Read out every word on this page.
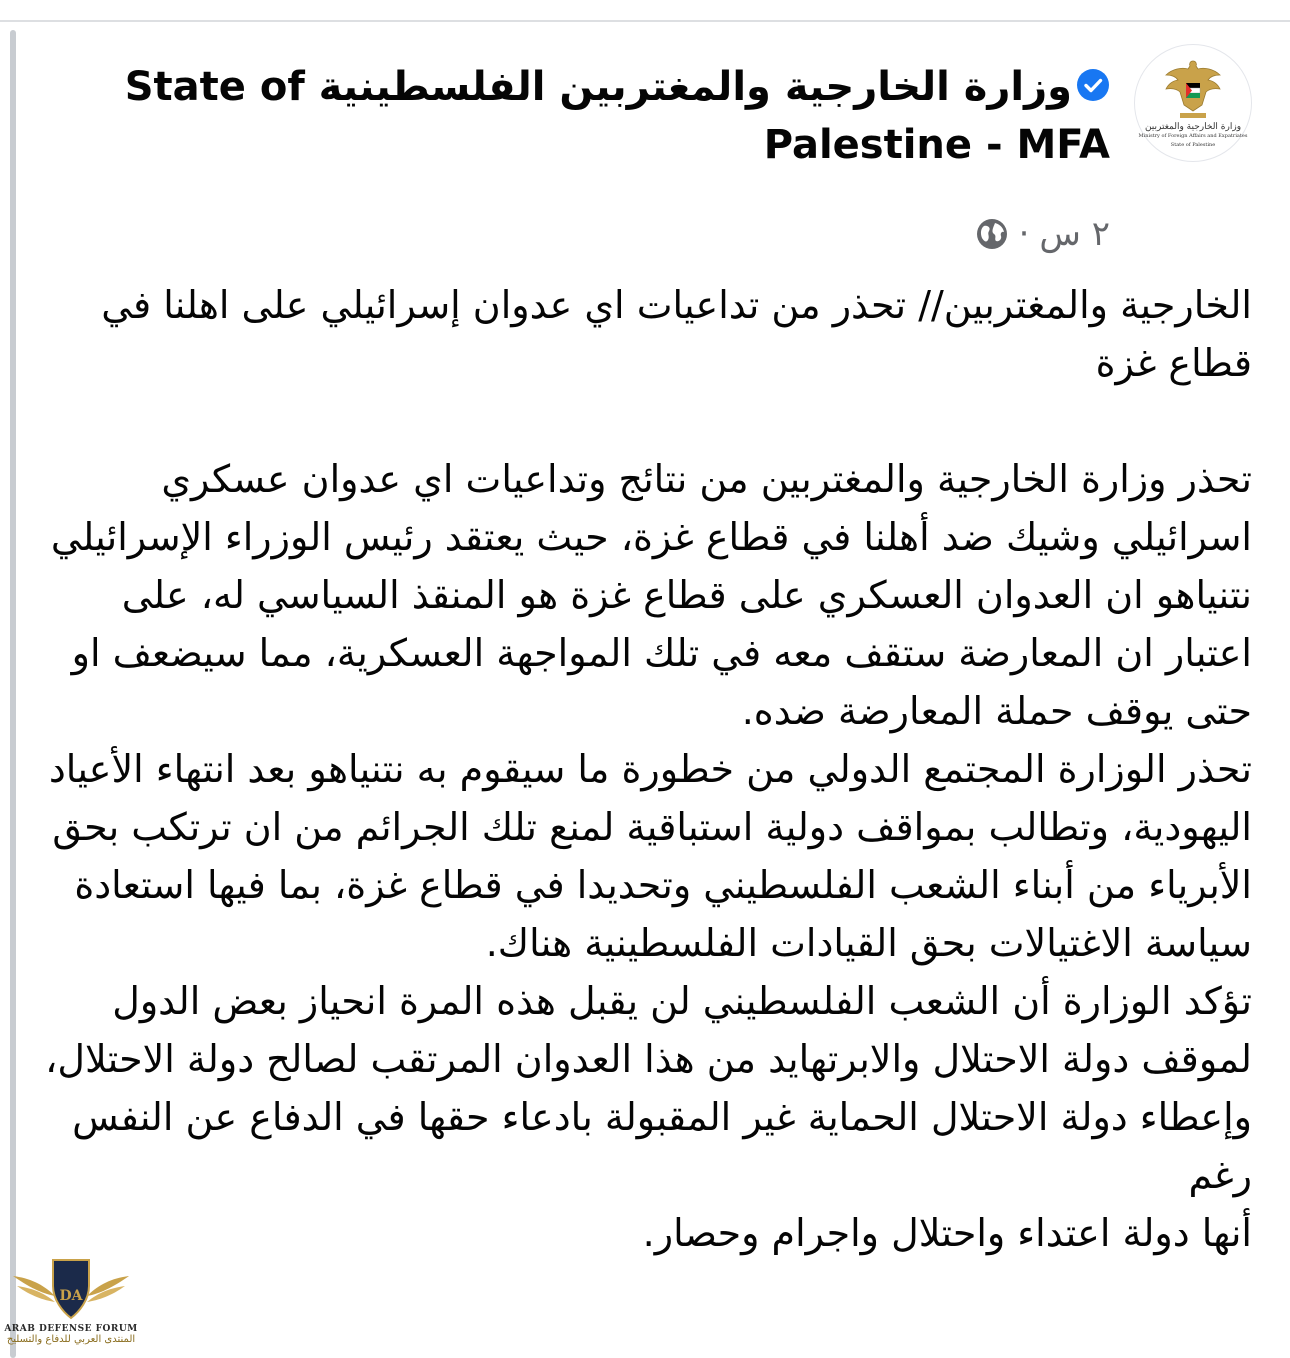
وزارة الخارجية والمغتربين
Ministry of Foreign Affairs and Expatriates
State of Palestine
وزارة الخارجية والمغتربين الفلسطينية State of Palestine - MFA
٢ س
·

الخارجية والمغتربين// تحذر من تداعيات اي عدوان إسرائيلي على اهلنا في قطاع غزة

تحذر وزارة الخارجية والمغتربين من نتائج وتداعيات اي عدوان عسكري اسرائيلي وشيك ضد أهلنا في قطاع غزة، حيث يعتقد رئيس الوزراء الإسرائيلي نتنياهو ان العدوان العسكري على قطاع غزة هو المنقذ السياسي له، على اعتبار ان المعارضة ستقف معه في تلك المواجهة العسكرية، مما سيضعف او حتى يوقف حملة المعارضة ضده.

تحذر الوزارة المجتمع الدولي من خطورة ما سيقوم به نتنياهو بعد انتهاء الأعياد اليهودية، وتطالب بمواقف دولية استباقية لمنع تلك الجرائم من ان ترتكب بحق الأبرياء من أبناء الشعب الفلسطيني وتحديدا في قطاع غزة، بما فيها استعادة سياسة الاغتيالات بحق القيادات الفلسطينية هناك.

تؤكد الوزارة أن الشعب الفلسطيني لن يقبل هذه المرة انحياز بعض الدول لموقف دولة الاحتلال والابرتهايد من هذا العدوان المرتقب لصالح دولة الاحتلال، وإعطاء دولة الاحتلال الحماية غير المقبولة بادعاء حقها في الدفاع عن النفس رغم

أنها دولة اعتداء واحتلال واجرام وحصار.

DA
ARAB DEFENSE FORUM
المنتدى العربي للدفاع والتسليح
